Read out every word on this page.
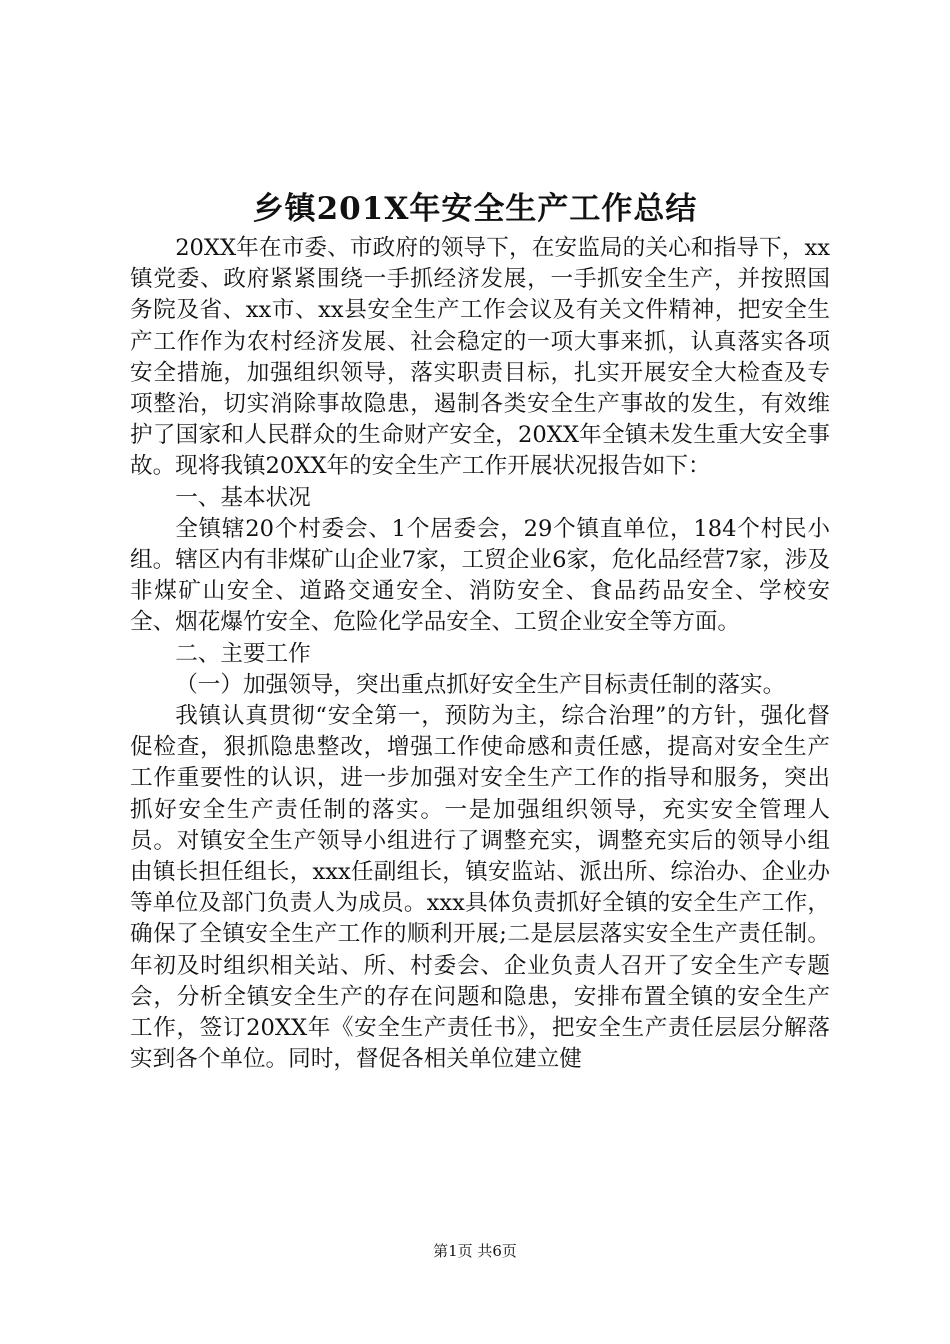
乡镇201X年安全生产工作总结

20XX年在市委、市政府的领导下，在安监局的关心和指导下，xx镇党委、政府紧紧围绕一手抓经济发展，一手抓安全生产，并按照国务院及省、xx市、xx县安全生产工作会议及有关文件精神，把安全生产工作作为农村经济发展、社会稳定的一项大事来抓，认真落实各项安全措施，加强组织领导，落实职责目标，扎实开展安全大检查及专项整治，切实消除事故隐患，遏制各类安全生产事故的发生，有效维护了国家和人民群众的生命财产安全，20XX年全镇未发生重大安全事故。现将我镇20XX年的安全生产工作开展状况报告如下：

一、基本状况

全镇辖20个村委会、1个居委会，29个镇直单位，184个村民小组。辖区内有非煤矿山企业7家，工贸企业6家，危化品经营7家，涉及非煤矿山安全、道路交通安全、消防安全、食品药品安全、学校安全、烟花爆竹安全、危险化学品安全、工贸企业安全等方面。

二、主要工作

（一）加强领导，突出重点抓好安全生产目标责任制的落实。

我镇认真贯彻“安全第一，预防为主，综合治理”的方针，强化督促检查，狠抓隐患整改，增强工作使命感和责任感，提高对安全生产工作重要性的认识，进一步加强对安全生产工作的指导和服务，突出抓好安全生产责任制的落实。一是加强组织领导，充实安全管理人员。对镇安全生产领导小组进行了调整充实，调整充实后的领导小组由镇长担任组长，xxx任副组长，镇安监站、派出所、综治办、企业办等单位及部门负责人为成员。xxx具体负责抓好全镇的安全生产工作，确保了全镇安全生产工作的顺利开展;二是层层落实安全生产责任制。年初及时组织相关站、所、村委会、企业负责人召开了安全生产专题会，分析全镇安全生产的存在问题和隐患，安排布置全镇的安全生产工作，签订20XX年《安全生产责任书》，把安全生产责任层层分解落实到各个单位。同时，督促各相关单位建立健

第1页 共6页
